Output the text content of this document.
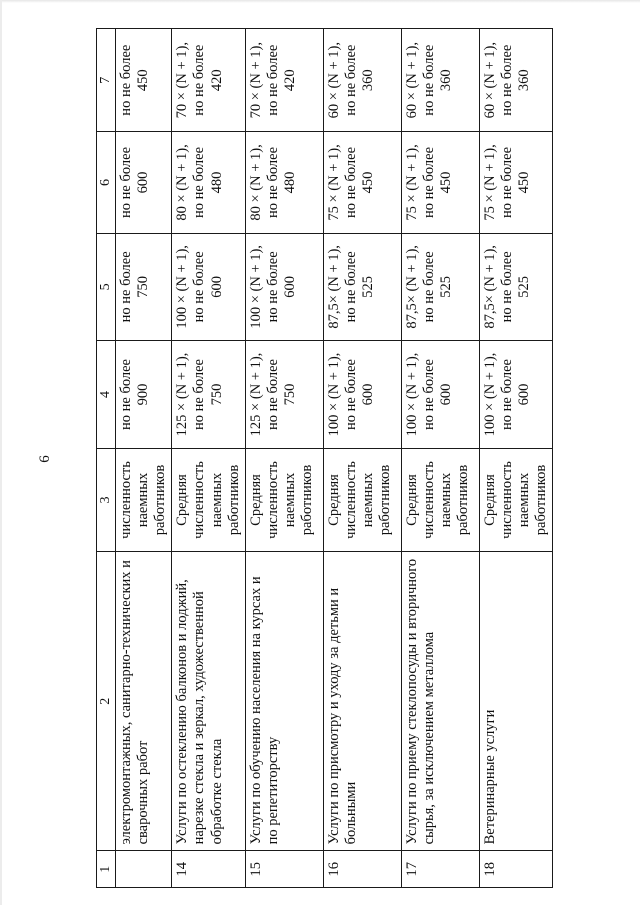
6
1	2	3	4	5	6	7
	электромонтажных, санитарно-технических и сварочных работ	численность наемных работников	но не более 900	но не более 750	но не более 600	но не более 450
14	Услуги по остеклению балконов и лоджий, нарезке стекла и зеркал, художественной обработке стекла	Средняя численность наемных работников	125 × (N + 1), но не более 750	100 × (N + 1), но не более 600	80 × (N + 1), но не более 480	70 × (N + 1), но не более 420
15	Услуги по обучению населения на курсах и по репетиторству	Средняя численность наемных работников	125 × (N + 1), но не более 750	100 × (N + 1), но не более 600	80 × (N + 1), но не более 480	70 × (N + 1), но не более 420
16	Услуги по присмотру и уходу за детьми и больными	Средняя численность наемных работников	100 × (N + 1), но не более 600	87,5× (N + 1), но не более 525	75 × (N + 1), но не более 450	60 × (N + 1), но не более 360
17	Услуги по приему стеклопосуды и вторичного сырья, за исключением металлома	Средняя численность наемных работников	100 × (N + 1), но не более 600	87,5× (N + 1), но не более 525	75 × (N + 1), но не более 450	60 × (N + 1), но не более 360
18	Ветеринарные услуги	Средняя численность наемных работников	100 × (N + 1), но не более 600	87,5× (N + 1), но не более 525	75 × (N + 1), но не более 450	60 × (N + 1), но не более 360
